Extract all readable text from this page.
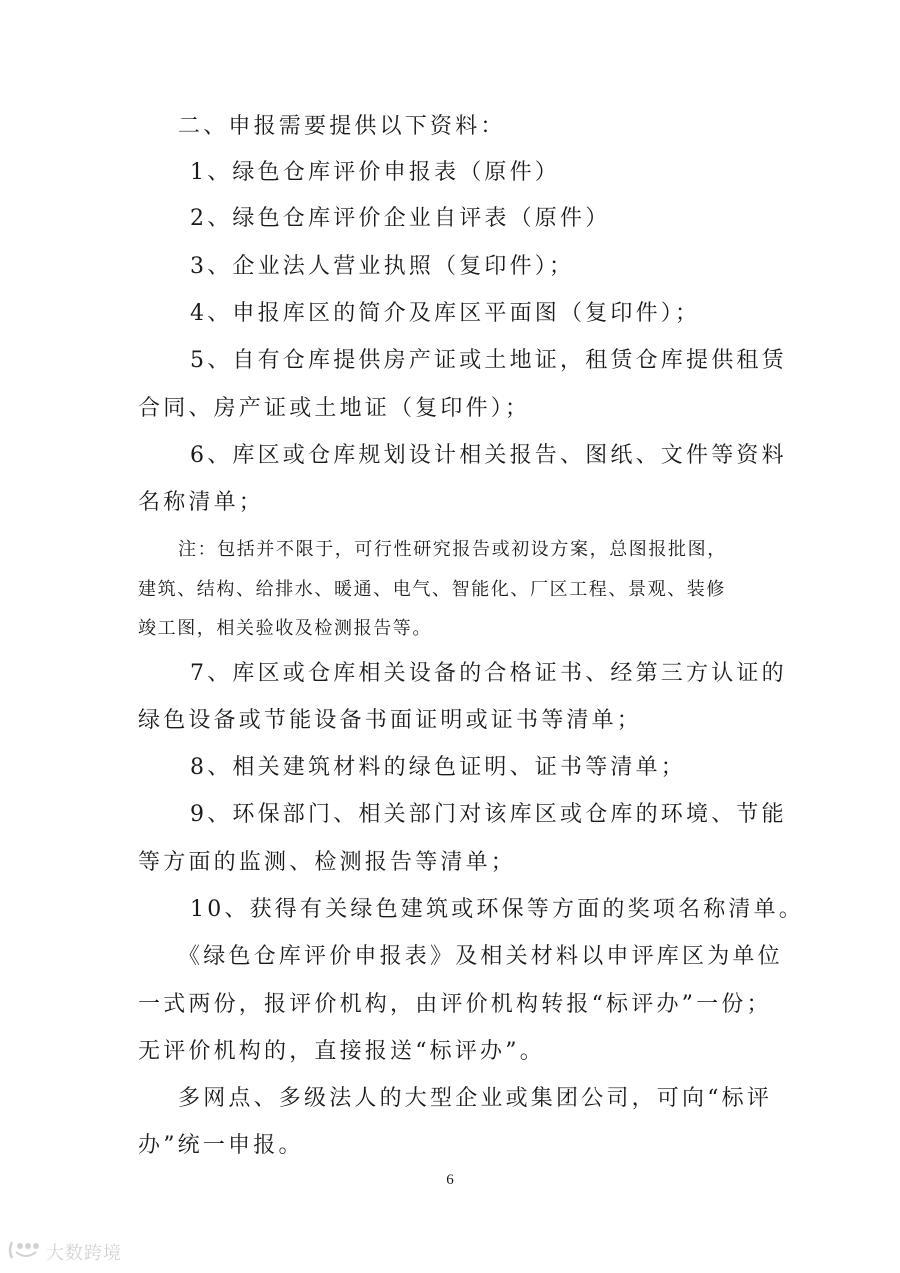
二、申报需要提供以下资料：
1、绿色仓库评价申报表（原件）
2、绿色仓库评价企业自评表（原件）
3、企业法人营业执照（复印件）；
4、申报库区的简介及库区平面图（复印件）；
5、自有仓库提供房产证或土地证，租赁仓库提供租赁
合同、房产证或土地证（复印件）；
6、库区或仓库规划设计相关报告、图纸、文件等资料
名称清单；
注：包括并不限于，可行性研究报告或初设方案，总图报批图，
建筑、结构、给排水、暖通、电气、智能化、厂区工程、景观、装修
竣工图，相关验收及检测报告等。
7、库区或仓库相关设备的合格证书、经第三方认证的
绿色设备或节能设备书面证明或证书等清单；
8、相关建筑材料的绿色证明、证书等清单；
9、环保部门、相关部门对该库区或仓库的环境、节能
等方面的监测、检测报告等清单；
10、获得有关绿色建筑或环保等方面的奖项名称清单。
《绿色仓库评价申报表》及相关材料以申评库区为单位
一式两份，报评价机构，由评价机构转报“标评办”一份；
无评价机构的，直接报送“标评办”。
多网点、多级法人的大型企业或集团公司，可向“标评
办”统一申报。
6
大数跨境
